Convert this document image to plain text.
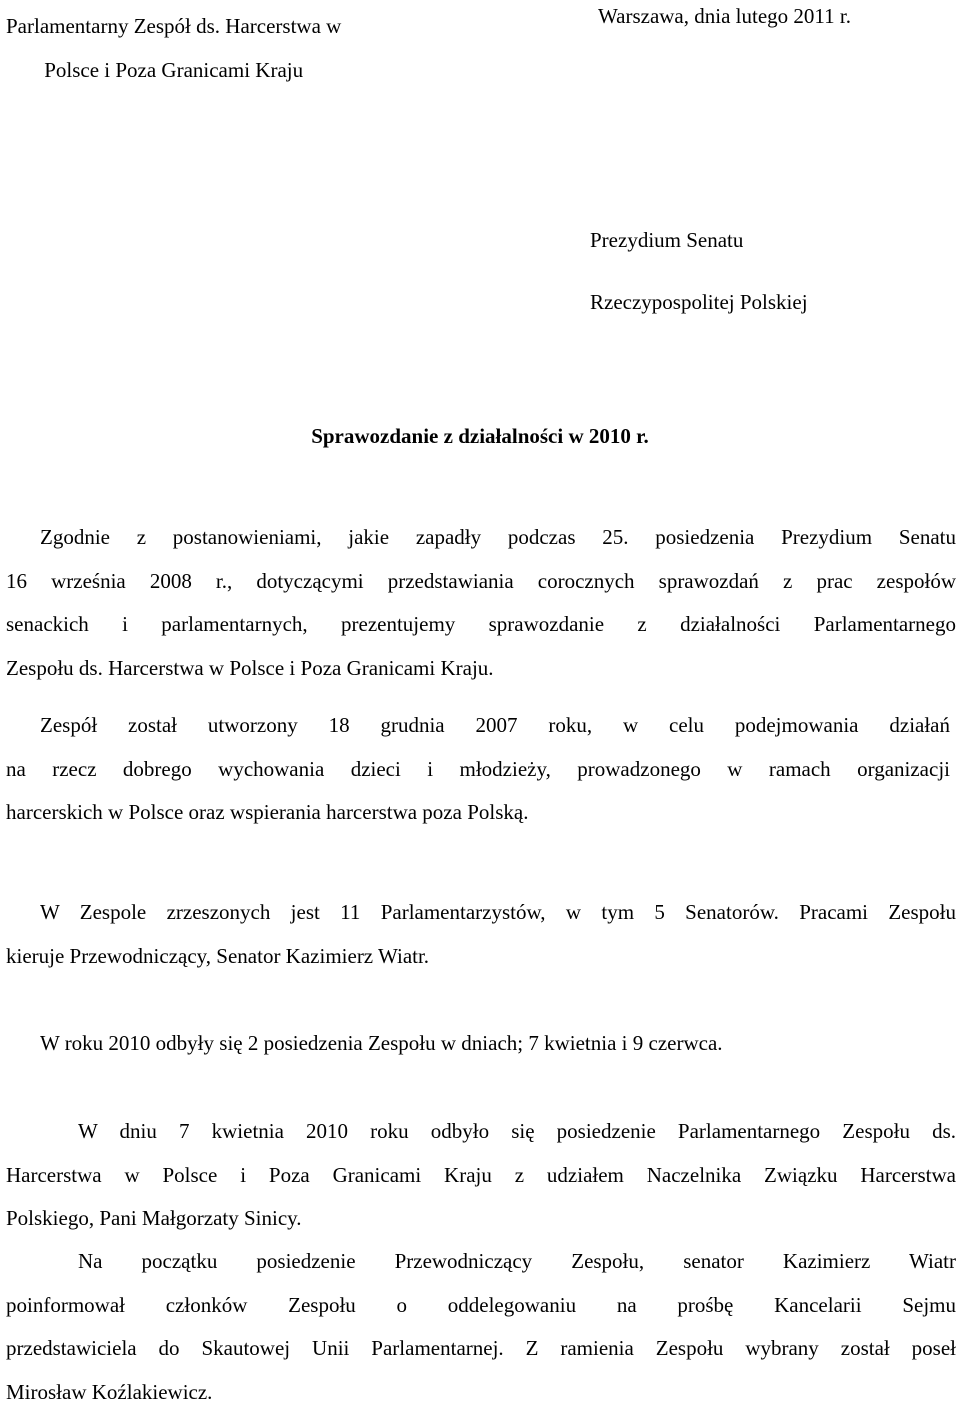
Parlamentarny Zespół ds. Harcerstwa w
Polsce i Poza Granicami Kraju
Warszawa, dnia lutego 2011 r.
Prezydium Senatu
Rzeczypospolitej Polskiej
Sprawozdanie z działalności w 2010 r.
Zgodnie z postanowieniami, jakie zapadły podczas 25. posiedzenia Prezydium Senatu
16 września 2008 r., dotyczącymi przedstawiania corocznych sprawozdań z prac zespołów
senackich i parlamentarnych, prezentujemy sprawozdanie z działalności Parlamentarnego
Zespołu ds. Harcerstwa w Polsce i Poza Granicami Kraju.
Zespół został utworzony 18 grudnia 2007 roku, w celu podejmowania działań
na rzecz dobrego wychowania dzieci i młodzieży, prowadzonego w ramach organizacji
harcerskich w Polsce oraz wspierania harcerstwa poza Polską.
W Zespole zrzeszonych jest 11 Parlamentarzystów, w tym 5 Senatorów. Pracami Zespołu
kieruje Przewodniczący, Senator Kazimierz Wiatr.
W roku 2010 odbyły się 2 posiedzenia Zespołu w dniach; 7 kwietnia i 9 czerwca.
W dniu 7 kwietnia 2010 roku odbyło się posiedzenie Parlamentarnego Zespołu ds.
Harcerstwa w Polsce i Poza Granicami Kraju z udziałem Naczelnika Związku Harcerstwa
Polskiego, Pani Małgorzaty Sinicy.
Na początku posiedzenie Przewodniczący Zespołu, senator Kazimierz Wiatr
poinformował członków Zespołu o oddelegowaniu na prośbę Kancelarii Sejmu
przedstawiciela do Skautowej Unii Parlamentarnej. Z ramienia Zespołu wybrany został poseł
Mirosław Koźlakiewicz.
